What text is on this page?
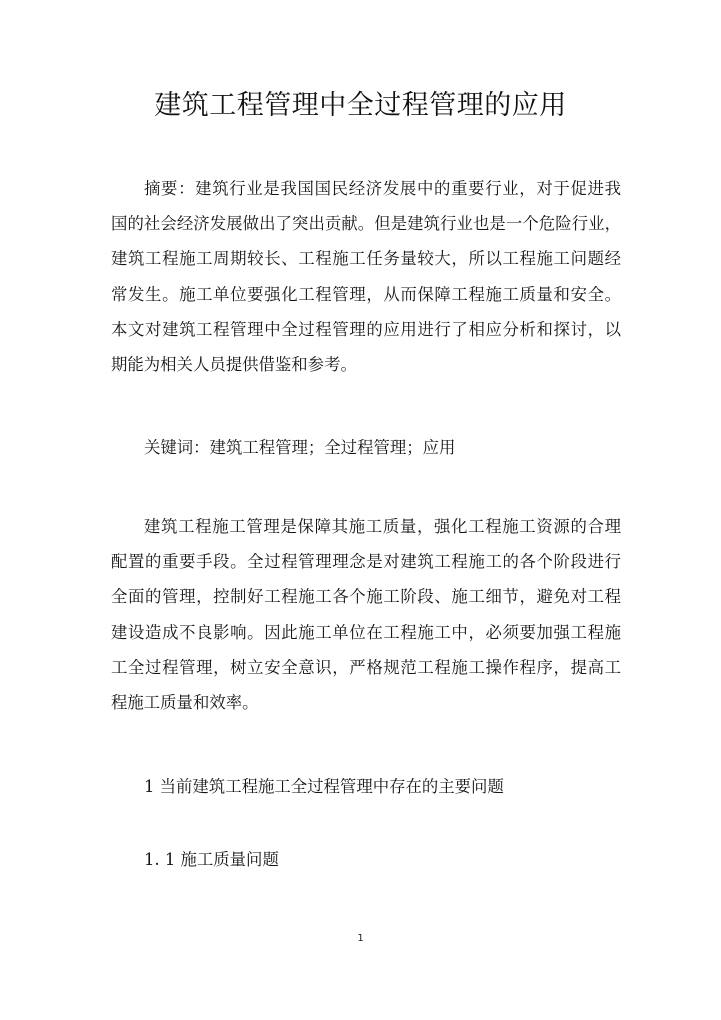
建筑工程管理中全过程管理的应用
摘要：建筑行业是我国国民经济发展中的重要行业，对于促进我
国的社会经济发展做出了突出贡献。但是建筑行业也是一个危险行业，
建筑工程施工周期较长、工程施工任务量较大，所以工程施工问题经
常发生。施工单位要强化工程管理，从而保障工程施工质量和安全。
本文对建筑工程管理中全过程管理的应用进行了相应分析和探讨，以
期能为相关人员提供借鉴和参考。
关键词：建筑工程管理；全过程管理；应用
建筑工程施工管理是保障其施工质量，强化工程施工资源的合理
配置的重要手段。全过程管理理念是对建筑工程施工的各个阶段进行
全面的管理，控制好工程施工各个施工阶段、施工细节，避免对工程
建设造成不良影响。因此施工单位在工程施工中，必须要加强工程施
工全过程管理，树立安全意识，严格规范工程施工操作程序，提高工
程施工质量和效率。
1 当前建筑工程施工全过程管理中存在的主要问题
1. 1 施工质量问题
1
